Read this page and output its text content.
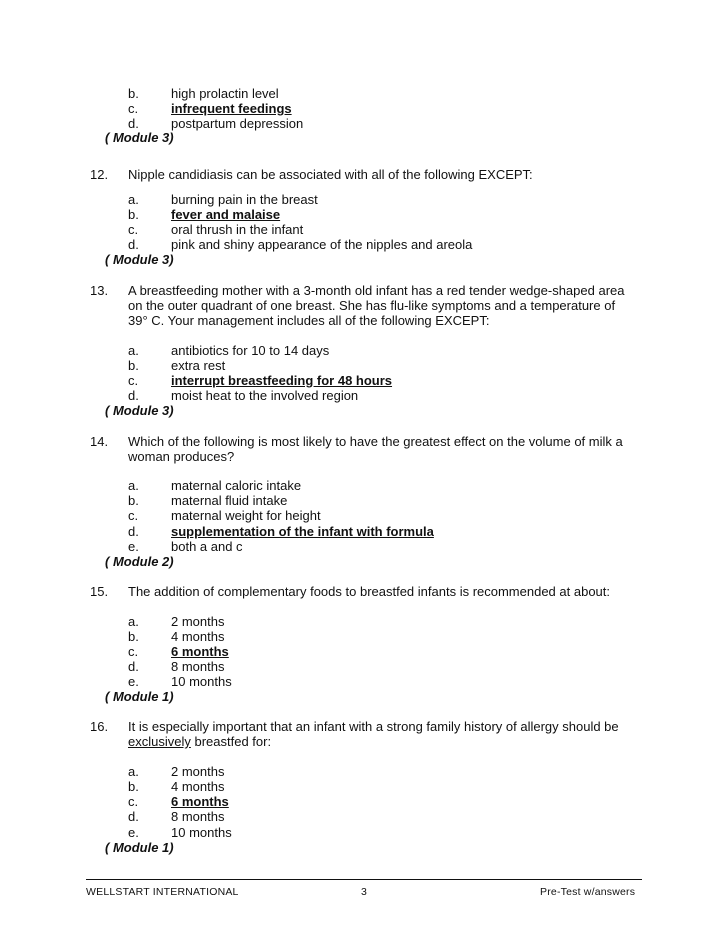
b. high prolactin level
c.	infrequent feedings
d. postpartum depression
( Module 3)
12. Nipple candidiasis can be associated with all of the following EXCEPT:
a. burning pain in the breast
b. fever and malaise
c.	oral thrush in the infant
d. pink and shiny appearance of the nipples and areola
( Module 3)
13. A breastfeeding mother with a 3-month old infant has a red tender wedge-shaped area
on the outer quadrant of one breast. She has flu-like symptoms and a temperature of
39° C. Your management includes all of the following EXCEPT:
a. antibiotics for 10 to 14 days
b. extra rest
c.	interrupt breastfeeding for 48 hours
d. moist heat to the involved region
( Module 3)
14. Which of the following is most likely to have the greatest effect on the volume of milk a
woman produces?
a. maternal caloric intake
b. maternal fluid intake
c.	maternal weight for height
d. supplementation of the infant with formula
e. both a and c
( Module 2)
15. The addition of complementary foods to breastfed infants is recommended at about:
a. 2 months
b. 4 months
c.	6 months
d. 8 months
e. 10 months
( Module 1)
16. It is especially important that an infant with a strong family history of allergy should be
exclusively breastfed for:
a. 2 months
b. 4 months
c.	6 months
d. 8 months
e. 10 months
( Module 1)
WELLSTART INTERNATIONAL	3	Pre-Test w/answers
